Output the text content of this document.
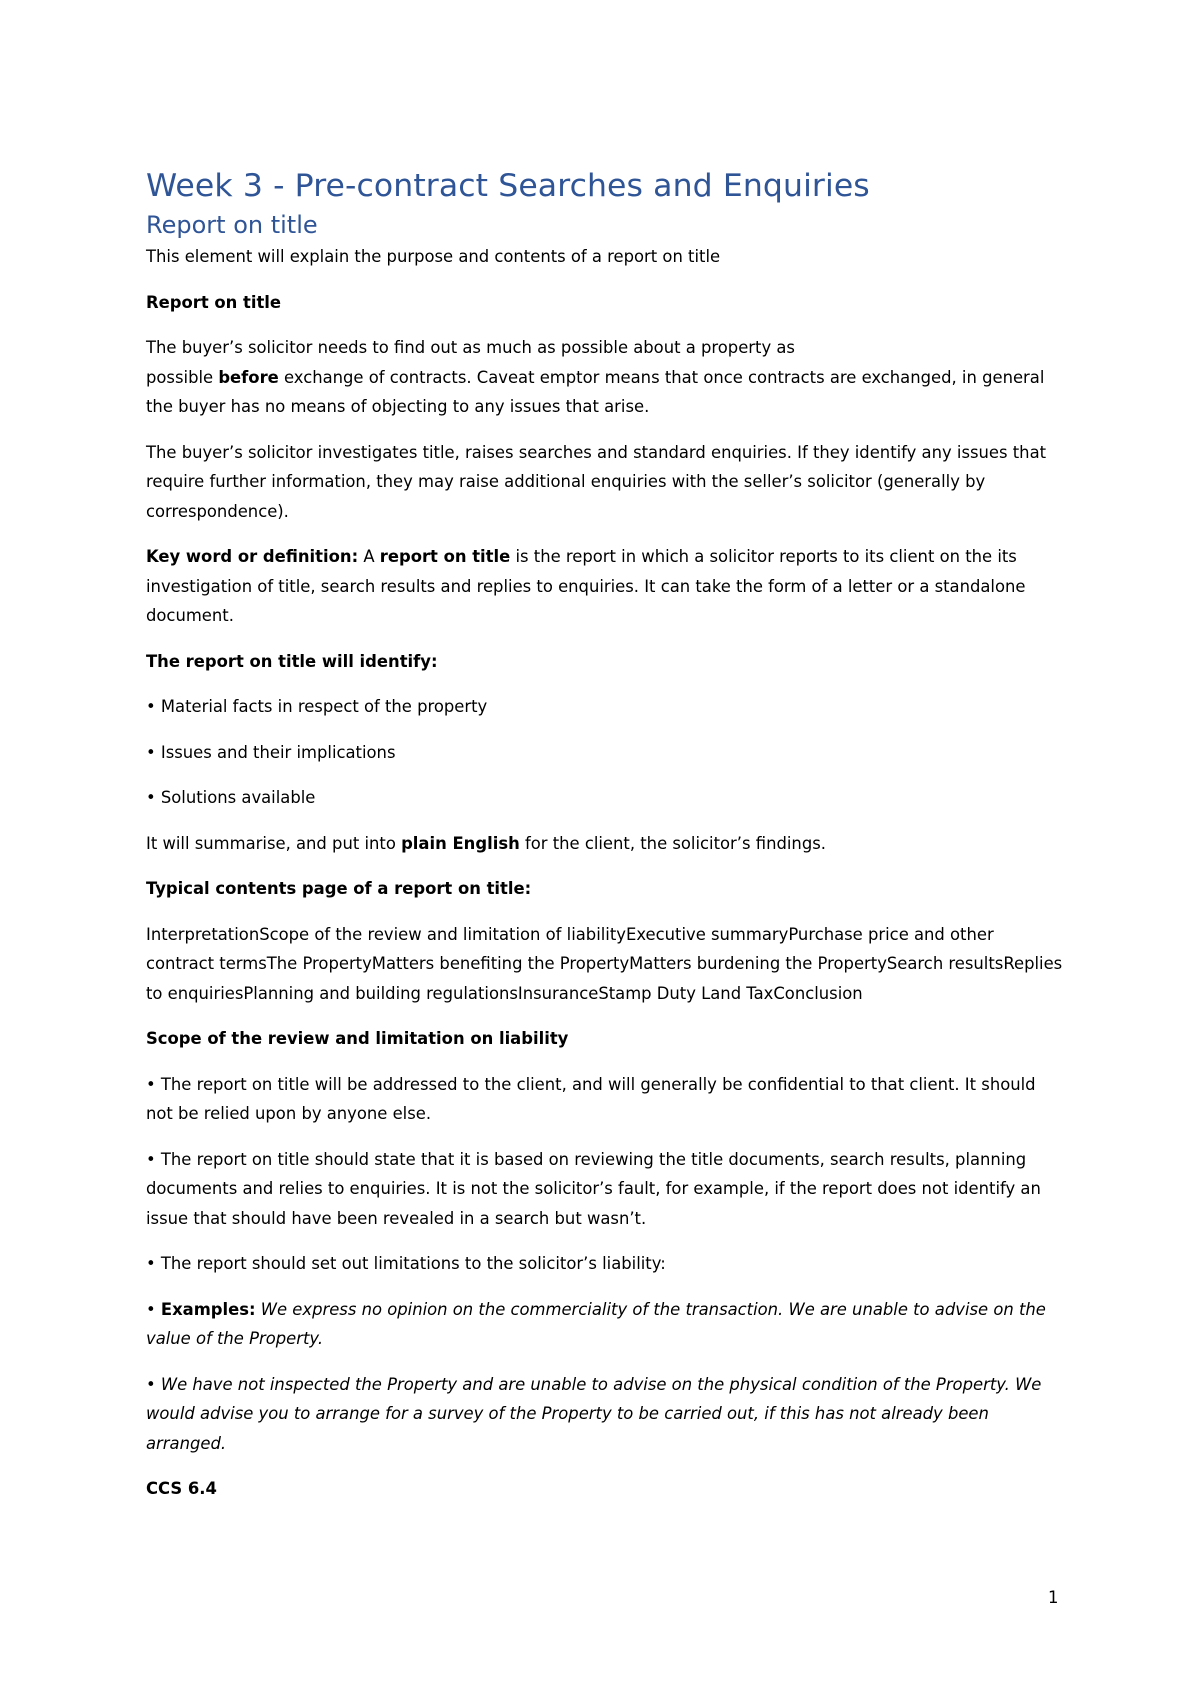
Week 3 - Pre-contract Searches and Enquiries
Report on title

This element will explain the purpose and contents of a report on title

Report on title

The buyer’s solicitor needs to find out as much as possible about a property as
possible before exchange of contracts. Caveat emptor means that once contracts are exchanged, in general the buyer has no means of objecting to any issues that arise.

The buyer’s solicitor investigates title, raises searches and standard enquiries. If they identify any issues that require further information, they may raise additional enquiries with the seller’s solicitor (generally by correspondence).

Key word or definition: A report on title is the report in which a solicitor reports to its client on the its investigation of title, search results and replies to enquiries. It can take the form of a letter or a standalone document.

The report on title will identify:

• Material facts in respect of the property

• Issues and their implications

• Solutions available

It will summarise, and put into plain English for the client, the solicitor’s findings.

Typical contents page of a report on title:

InterpretationScope of the review and limitation of liabilityExecutive summaryPurchase price and other contract termsThe PropertyMatters benefiting the PropertyMatters burdening the PropertySearch resultsReplies to enquiriesPlanning and building regulationsInsuranceStamp Duty Land TaxConclusion

Scope of the review and limitation on liability

• The report on title will be addressed to the client, and will generally be confidential to that client. It should not be relied upon by anyone else.

• The report on title should state that it is based on reviewing the title documents, search results, planning documents and relies to enquiries. It is not the solicitor’s fault, for example, if the report does not identify an issue that should have been revealed in a search but wasn’t.

• The report should set out limitations to the solicitor’s liability:

• Examples: We express no opinion on the commerciality of the transaction. We are unable to advise on the value of the Property.

• We have not inspected the Property and are unable to advise on the physical condition of the Property. We would advise you to arrange for a survey of the Property to be carried out, if this has not already been arranged.

CCS 6.4

1
